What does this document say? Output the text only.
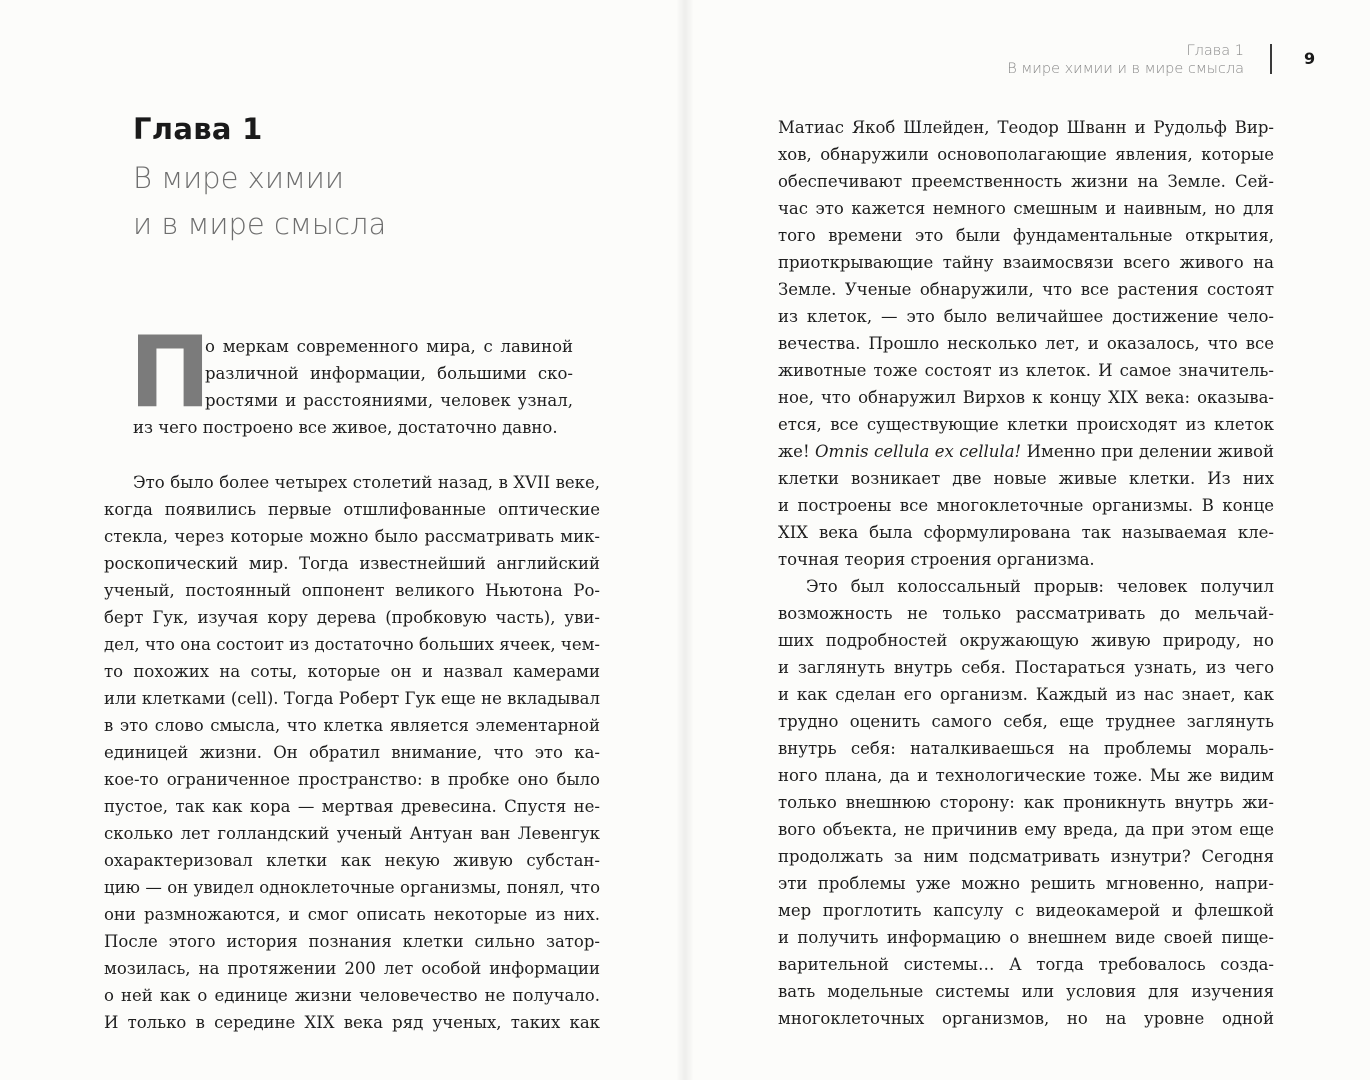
Глава 1
В мире химии и в мире смысла
9
Глава 1
В мире химии
и в мире смысла
П
о меркам современного мира, с лавиной
различной информации, большими ско-
ростями и расстояниями, человек узнал,
из чего построено все живое, достаточно давно.
Это было более четырех столетий назад, в XVII веке,
когда появились первые отшлифованные оптические
стекла, через которые можно было рассматривать мик-
роскопический мир. Тогда известнейший английский
ученый, постоянный оппонент великого Ньютона Ро-
берт Гук, изучая кору дерева (пробковую часть), уви-
дел, что она состоит из достаточно больших ячеек, чем-
то похожих на соты, которые он и назвал камерами
или клетками (cell). Тогда Роберт Гук еще не вкладывал
в это слово смысла, что клетка является элементарной
единицей жизни. Он обратил внимание, что это ка-
кое-то ограниченное пространство: в пробке оно было
пустое, так как кора — мертвая древесина. Спустя не-
сколько лет голландский ученый Антуан ван Левенгук
охарактеризовал клетки как некую живую субстан-
цию — он увидел одноклеточные организмы, понял, что
они размножаются, и смог описать некоторые из них.
После этого история познания клетки сильно затор-
мозилась, на протяжении 200 лет особой информации
о ней как о единице жизни человечество не получало.
И только в середине XIX века ряд ученых, таких как
Матиас Якоб Шлейден, Теодор Шванн и Рудольф Вир-
хов, обнаружили основополагающие явления, которые
обеспечивают преемственность жизни на Земле. Сей-
час это кажется немного смешным и наивным, но для
того времени это были фундаментальные открытия,
приоткрывающие тайну взаимосвязи всего живого на
Земле. Ученые обнаружили, что все растения состоят
из клеток, — это было величайшее достижение чело-
вечества. Прошло несколько лет, и оказалось, что все
животные тоже состоят из клеток. И самое значитель-
ное, что обнаружил Вирхов к концу XIX века: оказыва-
ется, все существующие клетки происходят из клеток
же! Omnis cellula ex cellula! Именно при делении живой
клетки возникает две новые живые клетки. Из них
и построены все многоклеточные организмы. В конце
XIX века была сформулирована так называемая кле-
точная теория строения организма.
Это был колоссальный прорыв: человек получил
возможность не только рассматривать до мельчай-
ших подробностей окружающую живую природу, но
и заглянуть внутрь себя. Постараться узнать, из чего
и как сделан его организм. Каждый из нас знает, как
трудно оценить самого себя, еще труднее заглянуть
внутрь себя: наталкиваешься на проблемы мораль-
ного плана, да и технологические тоже. Мы же видим
только внешнюю сторону: как проникнуть внутрь жи-
вого объекта, не причинив ему вреда, да при этом еще
продолжать за ним подсматривать изнутри? Сегодня
эти проблемы уже можно решить мгновенно, напри-
мер проглотить капсулу с видеокамерой и флешкой
и получить информацию о внешнем виде своей пище-
варительной системы… А тогда требовалось созда-
вать модельные системы или условия для изучения
многоклеточных организмов, но на уровне одной
